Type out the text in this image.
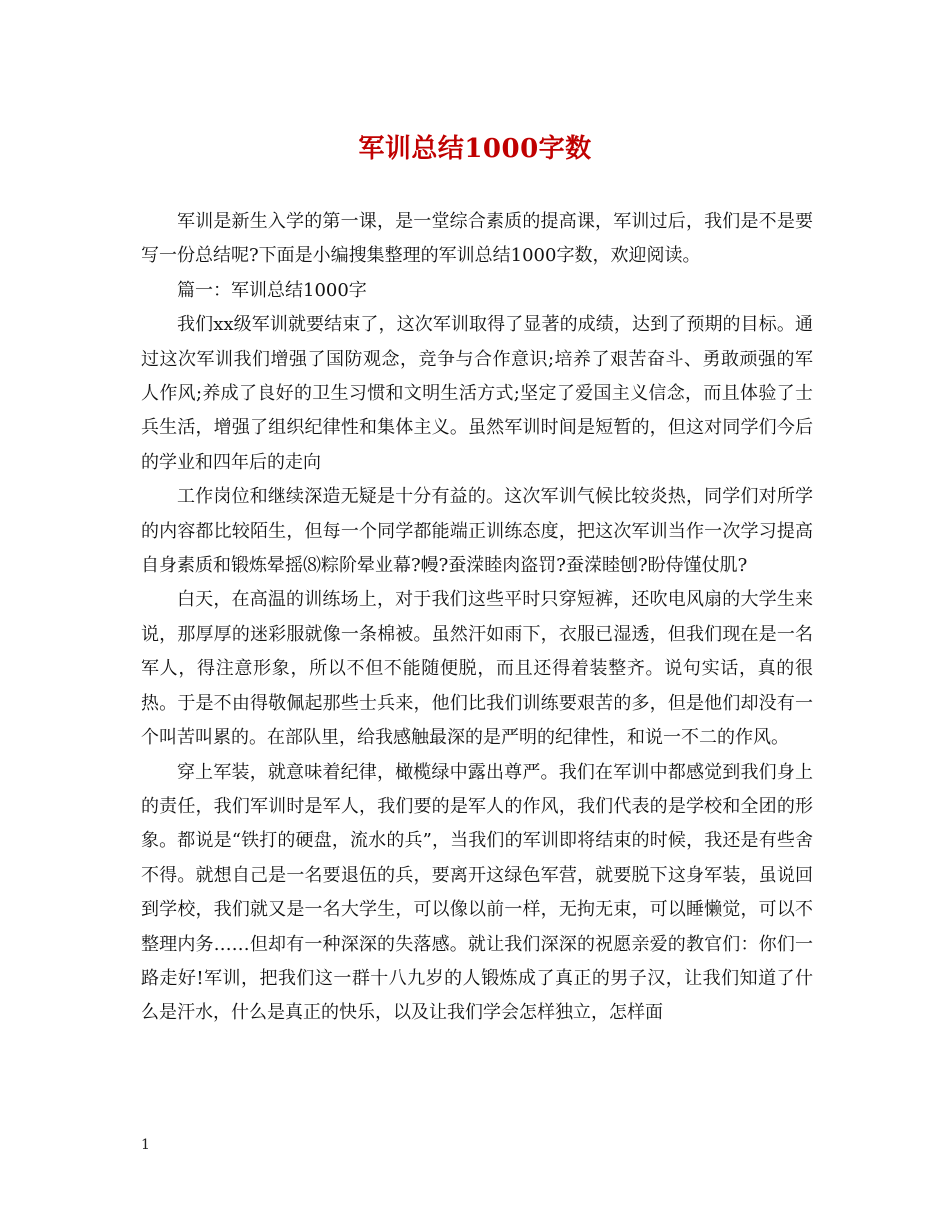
军训总结1000字数

军训是新生入学的第一课，是一堂综合素质的提高课，军训过后，我们是不是要写一份总结呢?下面是小编搜集整理的军训总结1000字数，欢迎阅读。

篇一：军训总结1000字

我们xx级军训就要结束了，这次军训取得了显著的成绩，达到了预期的目标。通过这次军训我们增强了国防观念，竞争与合作意识;培养了艰苦奋斗、勇敢顽强的军人作风;养成了良好的卫生习惯和文明生活方式;坚定了爱国主义信念，而且体验了士兵生活，增强了组织纪律性和集体主义。虽然军训时间是短暂的，但这对同学们今后的学业和四年后的走向

工作岗位和继续深造无疑是十分有益的。这次军训气候比较炎热，同学们对所学的内容都比较陌生，但每一个同学都能端正训练态度，把这次军训当作一次学习提高自身素质和锻炼晕摇⑻粽阶晕业幕?幔?蚕溁睦肉盗罚?蚕溁睦刨?盼侍馑仗肌?

白天，在高温的训练场上，对于我们这些平时只穿短裤，还吹电风扇的大学生来说，那厚厚的迷彩服就像一条棉被。虽然汗如雨下，衣服已湿透，但我们现在是一名军人，得注意形象，所以不但不能随便脱，而且还得着装整齐。说句实话，真的很热。于是不由得敬佩起那些士兵来，他们比我们训练要艰苦的多，但是他们却没有一个叫苦叫累的。在部队里，给我感触最深的是严明的纪律性，和说一不二的作风。

穿上军装，就意味着纪律，橄榄绿中露出尊严。我们在军训中都感觉到我们身上的责任，我们军训时是军人，我们要的是军人的作风，我们代表的是学校和全团的形象。都说是“铁打的硬盘，流水的兵”，当我们的军训即将结束的时候，我还是有些舍不得。就想自己是一名要退伍的兵，要离开这绿色军营，就要脱下这身军装，虽说回到学校，我们就又是一名大学生，可以像以前一样，无拘无束，可以睡懒觉，可以不整理内务……但却有一种深深的失落感。就让我们深深的祝愿亲爱的教官们：你们一路走好!军训，把我们这一群十八九岁的人锻炼成了真正的男子汉，让我们知道了什么是汗水，什么是真正的快乐，以及让我们学会怎样独立，怎样面

1
